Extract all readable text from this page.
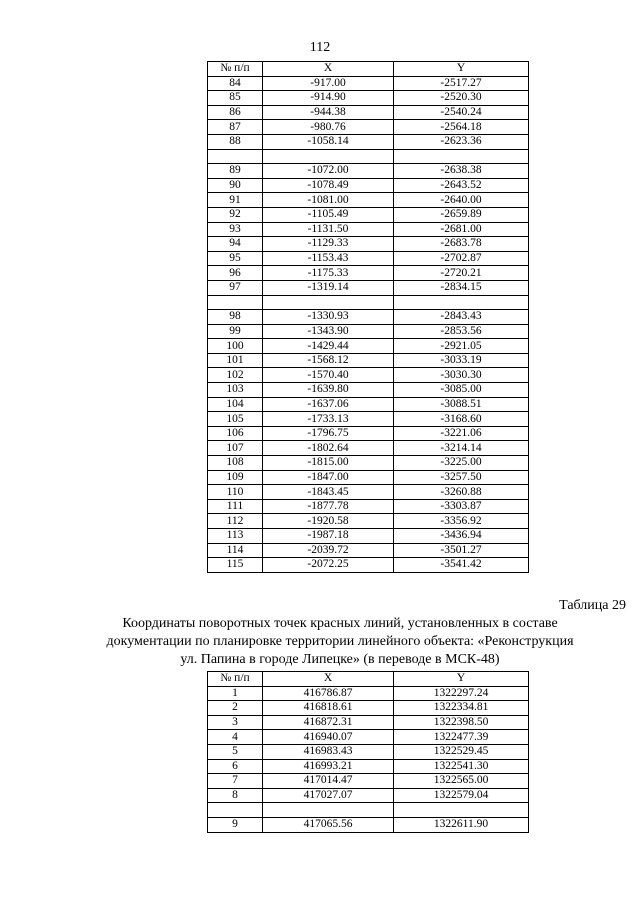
112
№ п/п	X	Y
84	-917.00	-2517.27
85	-914.90	-2520.30
86	-944.38	-2540.24
87	-980.76	-2564.18
88	-1058.14	-2623.36

89	-1072.00	-2638.38
90	-1078.49	-2643.52
91	-1081.00	-2640.00
92	-1105.49	-2659.89
93	-1131.50	-2681.00
94	-1129.33	-2683.78
95	-1153.43	-2702.87
96	-1175.33	-2720.21
97	-1319.14	-2834.15

98	-1330.93	-2843.43
99	-1343.90	-2853.56
100	-1429.44	-2921.05
101	-1568.12	-3033.19
102	-1570.40	-3030.30
103	-1639.80	-3085.00
104	-1637.06	-3088.51
105	-1733.13	-3168.60
106	-1796.75	-3221.06
107	-1802.64	-3214.14
108	-1815.00	-3225.00
109	-1847.00	-3257.50
110	-1843.45	-3260.88
111	-1877.78	-3303.87
112	-1920.58	-3356.92
113	-1987.18	-3436.94
114	-2039.72	-3501.27
115	-2072.25	-3541.42
Таблица 29
Координаты поворотных точек красных линий, установленных в составе
документации по планировке территории линейного объекта: «Реконструкция
ул. Папина в городе Липецке» (в переводе в МСК-48)
№ п/п	X	Y
1	416786.87	1322297.24
2	416818.61	1322334.81
3	416872.31	1322398.50
4	416940.07	1322477.39
5	416983.43	1322529.45
6	416993.21	1322541.30
7	417014.47	1322565.00
8	417027.07	1322579.04

9	417065.56	1322611.90
